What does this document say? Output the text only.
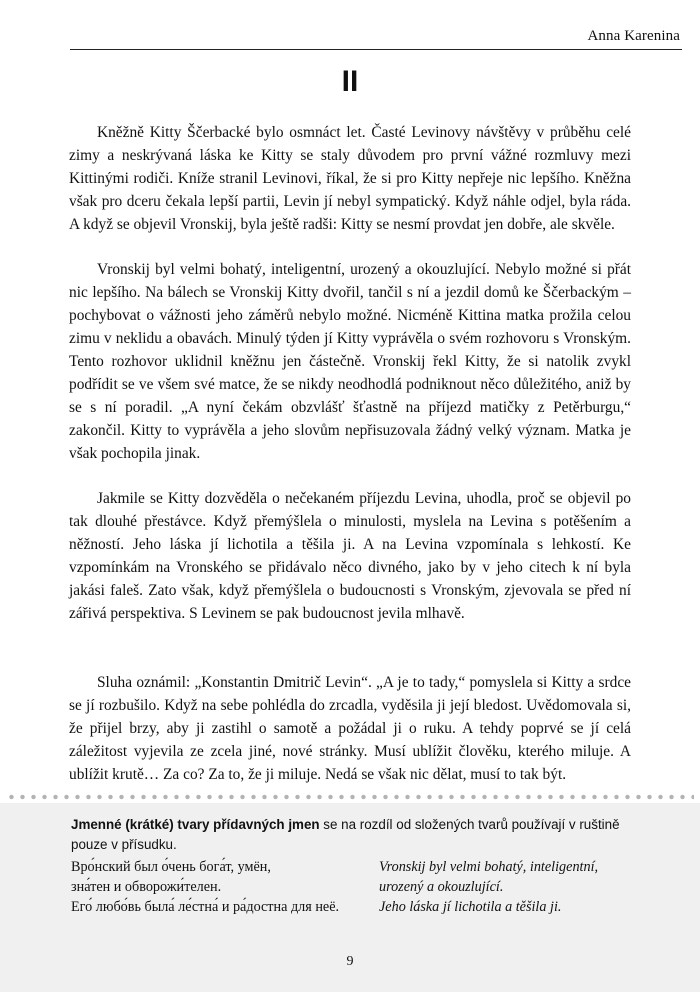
Anna Karenina
II

Kněžně Kitty Ščerbacké bylo osmnáct let. Časté Levinovy návštěvy v průběhu celé zimy a neskrývaná láska ke Kitty se staly důvodem pro první vážné rozmluvy mezi Kittinými rodiči. Kníže stranil Levinovi, říkal, že si pro Kitty nepřeje nic lepšího. Kněžna však pro dceru čekala lepší partii, Levin jí nebyl sympatický. Když náhle odjel, byla ráda. A když se objevil Vronskij, byla ještě radši: Kitty se nesmí provdat jen dobře, ale skvěle.

Vronskij byl velmi bohatý, inteligentní, urozený a okouzlující. Nebylo možné si přát nic lepšího. Na bálech se Vronskij Kitty dvořil, tančil s ní a jezdil domů ke Ščerbackým – pochybovat o vážnosti jeho záměrů nebylo možné. Nicméně Kittina matka prožila celou zimu v neklidu a obavách. Minulý týden jí Kitty vyprávěla o svém rozhovoru s Vronským. Tento rozhovor uklidnil kněžnu jen částečně. Vronskij řekl Kitty, že si natolik zvykl podřídit se ve všem své matce, že se nikdy neodhodlá podniknout něco důležitého, aniž by se s ní poradil. „A nyní čekám obzvlášť šťastně na příjezd matičky z Petěrburgu,“ zakončil. Kitty to vyprávěla a jeho slovům nepřisuzovala žádný velký význam. Matka je však pochopila jinak.

Jakmile se Kitty dozvěděla o nečekaném příjezdu Levina, uhodla, proč se objevil po tak dlouhé přestávce. Když přemýšlela o minulosti, myslela na Levina s potěšením a něžností. Jeho láska jí lichotila a těšila ji. A na Levina vzpomínala s lehkostí. Ke vzpomínkám na Vronského se přidávalo něco divného, jako by v jeho citech k ní byla jakási faleš. Zato však, když přemýšlela o budoucnosti s Vronským, zjevovala se před ní zářivá perspektiva. S Levinem se pak budoucnost jevila mlhavě.

Sluha oznámil: „Konstantin Dmitrič Levin“. „A je to tady,“ pomyslela si Kitty a srdce se jí rozbušilo. Když na sebe pohlédla do zrcadla, vyděsila ji její bledost. Uvědomovala si, že přijel brzy, aby ji zastihl o samotě a požádal ji o ruku. A tehdy poprvé se jí celá záležitost vyjevila ze zcela jiné, nové stránky. Musí ublížit člověku, kterého miluje. A ublížit krutě… Za co? Za to, že ji miluje. Nedá se však nic dělat, musí to tak být.

Jmenné (krátké) tvary přídavných jmen se na rozdíl od složených tvarů používají v ruštině pouze v přísudku.
Вро́нский был о́чень бога́т, умён,	Vronskij byl velmi bohatý, inteligentní,
зна́тен и обворожи́телен.	urozený a okouzlující.
Его́ любо́вь была́ ле́стна́ и ра́достна для неё.	Jeho láska jí lichotila a těšila ji.
9
